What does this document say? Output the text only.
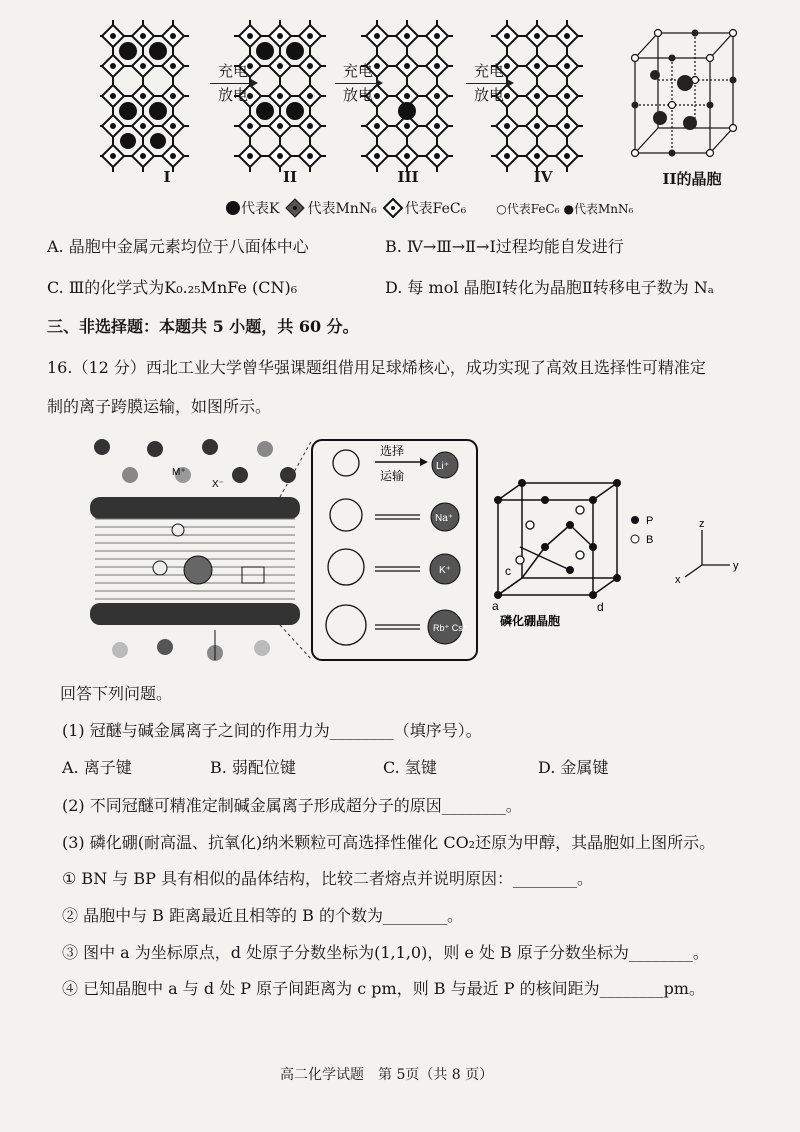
充电
放电
充电
放电
充电
放电
I	II	III	IV	II的晶胞
代表K 代表MnN₆ 代表FeC₆	○代表FeC₆ ●代表MnN₆
A. 晶胞中金属元素均位于八面体中心	B. Ⅳ→Ⅲ→Ⅱ→Ⅰ过程均能自发进行
C. Ⅲ的化学式为K₀.₂₅MnFe (CN)₆	D. 每 mol 晶胞Ⅰ转化为晶胞Ⅱ转移电子数为 Nₐ
三、非选择题：本题共 5 小题，共 60 分。
16.（12 分）西北工业大学曾华强课题组借用足球烯核心，成功实现了高效且选择性可精准定
制的离子跨膜运输，如图所示。
M⁺
X⁻
选择
运输
Li⁺
Na⁺
K⁺
Rb⁺ Cs⁺
a
c
d
磷化硼晶胞
P
B
z
y
x
回答下列问题。
(1) 冠醚与碱金属离子之间的作用力为________（填序号）。
A. 离子键	B. 弱配位键	C. 氢键	D. 金属键
(2) 不同冠醚可精准定制碱金属离子形成超分子的原因________。
(3) 磷化硼(耐高温、抗氧化)纳米颗粒可高选择性催化 CO₂还原为甲醇，其晶胞如上图所示。
① BN 与 BP 具有相似的晶体结构，比较二者熔点并说明原因：________。
② 晶胞中与 B 距离最近且相等的 B 的个数为________。
③ 图中 a 为坐标原点，d 处原子分数坐标为(1,1,0)，则 e 处 B 原子分数坐标为________。
④ 已知晶胞中 a 与 d 处 P 原子间距离为 c pm，则 B 与最近 P 的核间距为________pm。
高二化学试题　第 5页（共 8 页）
